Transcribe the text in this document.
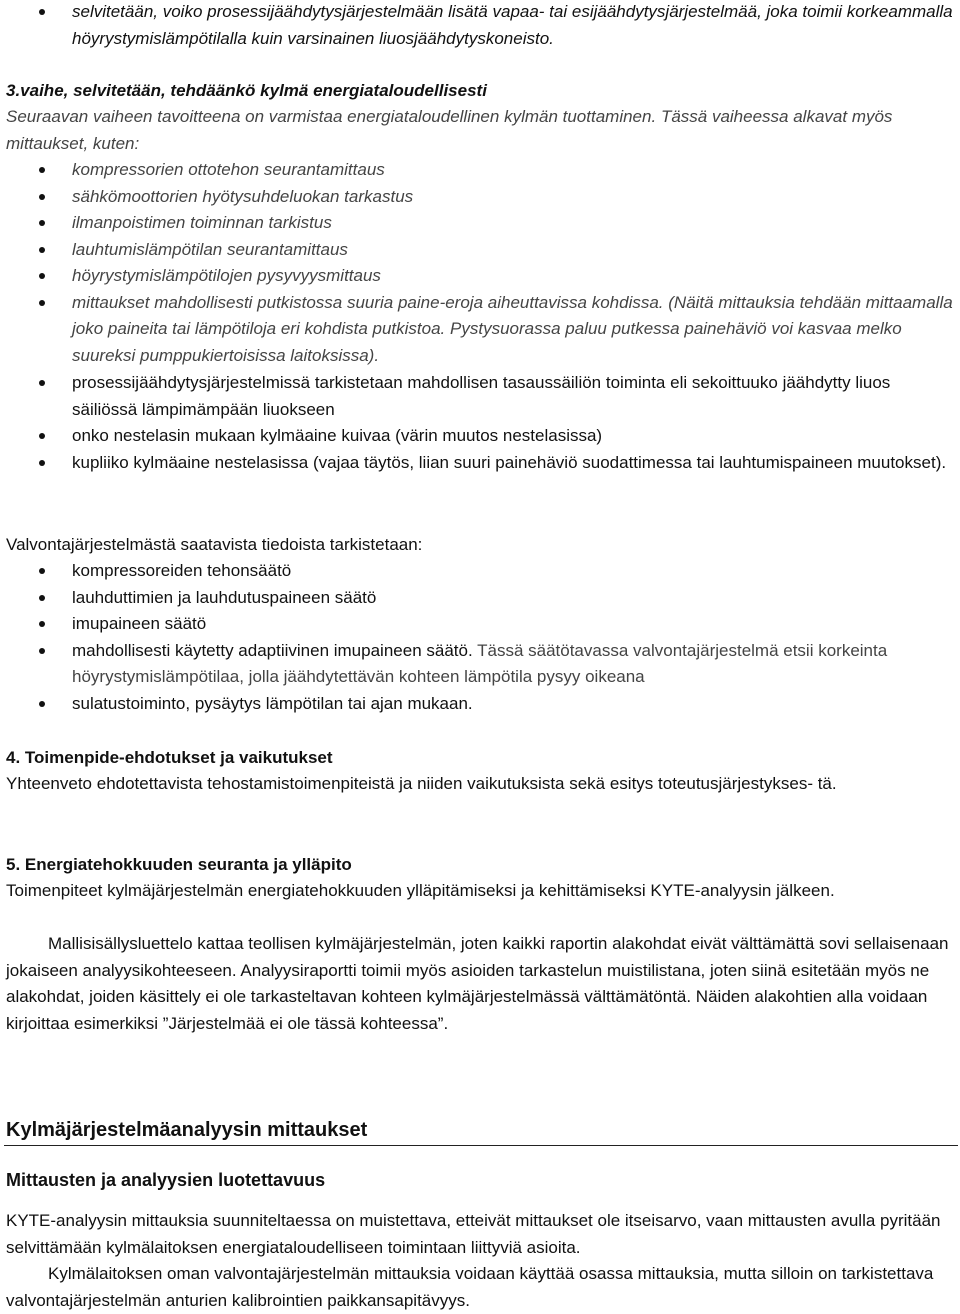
selvitetään, voiko prosessijäähdytysjärjestelmään lisätä vapaa- tai esijäähdytysjärjestelmää, joka toimii korkeammalla höyrystymislämpötilalla kuin varsinainen liuosjäähdytyskoneisto.

3.vaihe, selvitetään, tehdäänkö kylmä energiataloudellisesti

Seuraavan vaiheen tavoitteena on varmistaa energiataloudellinen kylmän tuottaminen. Tässä vaiheessa alkavat myös mittaukset, kuten:

kompressorien ottotehon seurantamittaus
sähkömoottorien hyötysuhdeluokan tarkastus
ilmanpoistimen toiminnan tarkistus
lauhtumislämpötilan seurantamittaus
höyrystymislämpötilojen pysyvyysmittaus
mittaukset mahdollisesti putkistossa suuria paine-eroja aiheuttavissa kohdissa. (Näitä mittauksia tehdään mittaamalla joko paineita tai lämpötiloja eri kohdista putkistoa. Pystysuorassa paluu putkessa painehäviö voi kasvaa melko suureksi pumppukiertoisissa laitoksissa).
prosessijäähdytysjärjestelmissä tarkistetaan mahdollisen tasaussäiliön toiminta eli sekoittuuko jäähdytty liuos säiliössä lämpimämpään liuokseen
onko nestelasin mukaan kylmäaine kuivaa (värin muutos nestelasissa)
kupliiko kylmäaine nestelasissa (vajaa täytös, liian suuri painehäviö suodattimessa tai lauhtumispaineen muutokset).

Valvontajärjestelmästä saatavista tiedoista tarkistetaan:

kompressoreiden tehonsäätö
lauhduttimien ja lauhdutuspaineen säätö
imupaineen säätö
mahdollisesti käytetty adaptiivinen imupaineen säätö. Tässä säätötavassa valvontajärjestelmä etsii korkeinta höyrystymislämpötilaa, jolla jäähdytettävän kohteen lämpötila pysyy oikeana
sulatustoiminto, pysäytys lämpötilan tai ajan mukaan.

4. Toimenpide-ehdotukset ja vaikutukset

Yhteenveto ehdotettavista tehostamistoimenpiteistä ja niiden vaikutuksista sekä esitys toteutusjärjestykses- tä.

5. Energiatehokkuuden seuranta ja ylläpito

Toimenpiteet kylmäjärjestelmän energiatehokkuuden ylläpitämiseksi ja kehittämiseksi KYTE-analyysin jälkeen.

Mallisisällysluettelo kattaa teollisen kylmäjärjestelmän, joten kaikki raportin alakohdat eivät välttämättä sovi sellaisenaan jokaiseen analyysikohteeseen. Analyysiraportti toimii myös asioiden tarkastelun muistilistana, joten siinä esitetään myös ne alakohdat, joiden käsittely ei ole tarkasteltavan kohteen kylmäjärjestelmässä välttämätöntä. Näiden alakohtien alla voidaan kirjoittaa esimerkiksi ”Järjestelmää ei ole tässä kohteessa”.

Kylmäjärjestelmäanalyysin mittaukset

Mittausten ja analyysien luotettavuus

KYTE-analyysin mittauksia suunniteltaessa on muistettava, etteivät mittaukset ole itseisarvo, vaan mittausten avulla pyritään selvittämään kylmälaitoksen energiataloudelliseen toimintaan liittyviä asioita.

Kylmälaitoksen oman valvontajärjestelmän mittauksia voidaan käyttää osassa mittauksia, mutta silloin on tarkistettava valvontajärjestelmän anturien kalibrointien paikkansapitävyys.
